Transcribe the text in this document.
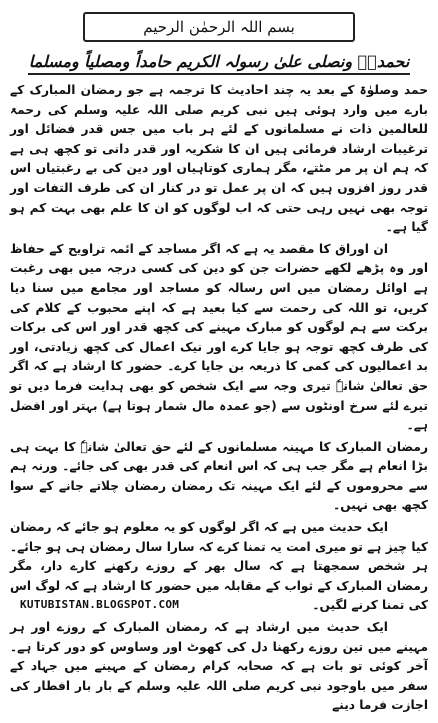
بسم اللہ الرحمٰن الرحیم
نحمدہٗ ونصلی علیٰ رسولہ الکریم حامداً ومصلیاً ومسلما

حمد وصلوٰۃ کے بعد یہ چند احادیث کا ترجمہ ہے جو رمضان المبارک کے بارے میں وارد ہوئی ہیں نبی کریم صلی اللہ علیہ وسلم کی رحمۃ للعالمین ذات نے مسلمانوں کے لئے ہر باب میں جس قدر فضائل اور ترغیبات ارشاد فرمائی ہیں ان کا شکریہ اور قدر دانی تو کچھ ہی ہے کہ ہم ان پر مر مٹتے، مگر ہماری کوتاہیاں اور دین کی بے رغبتیاں اس قدر روز افزوں ہیں کہ ان پر عمل تو در کنار ان کی طرف التفات اور توجہ بھی نہیں رہی حتی کہ اب لوگوں کو ان کا علم بھی بہت کم ہو گیا ہے۔

ان اوراق کا مقصد یہ ہے کہ اگر مساجد کے ائمہ تراویح کے حفاظ اور وہ پڑھے لکھے حضرات جن کو دین کی کسی درجہ میں بھی رغبت ہے اوائل رمضان میں اس رسالہ کو مساجد اور مجامع میں سنا دیا کریں، تو اللہ کی رحمت سے کیا بعید ہے کہ اپنے محبوب کے کلام کی برکت سے ہم لوگوں کو مبارک مہینے کی کچھ قدر اور اس کی برکات کی طرف کچھ توجہ ہو جایا کرے اور نیک اعمال کی کچھ زیادتی، اور بد اعمالیوں کی کمی کا ذریعہ بن جایا کرے۔ حضور کا ارشاد ہے کہ اگر حق تعالیٰ شانہٗ تیری وجہ سے ایک شخص کو بھی ہدایت فرما دیں تو تیرے لئے سرخ اونٹوں سے (جو عمدہ مال شمار ہوتا ہے) بہتر اور افضل ہے۔

رمضان المبارک کا مہینہ مسلمانوں کے لئے حق تعالیٰ شانہٗ کا بہت ہی بڑا انعام ہے مگر جب ہی کہ اس انعام کی قدر بھی کی جائے۔ ورنہ ہم سے محروموں کے لئے ایک مہینہ تک رمضان رمضان چلاتے جانے کے سوا کچھ بھی نہیں۔

ایک حدیث میں ہے کہ اگر لوگوں کو یہ معلوم ہو جائے کہ رمضان کیا چیز ہے تو میری امت یہ تمنا کرے کہ سارا سال رمضان ہی ہو جائے۔ ہر شخص سمجھتا ہے کہ سال بھر کے روزے رکھنے کارے دار، مگر رمضان المبارک کے ثواب کے مقابلہ میں حضور کا ارشاد ہے کہ لوگ اس کی تمنا کرنے لگیں۔

ایک حدیث میں ارشاد ہے کہ رمضان المبارک کے روزے اور ہر مہینے میں تین روزے رکھنا دل کی کھوٹ اور وساوس کو دور کرتا ہے۔ آخر کوئی تو بات ہے کہ صحابہ کرام رمضان کے مہینے میں جہاد کے سفر میں باوجود نبی کریم صلی اللہ علیہ وسلم کے بار بار افطار کی اجازت فرما دینے

KUTUBISTAN.BLOGSPOT.COM
